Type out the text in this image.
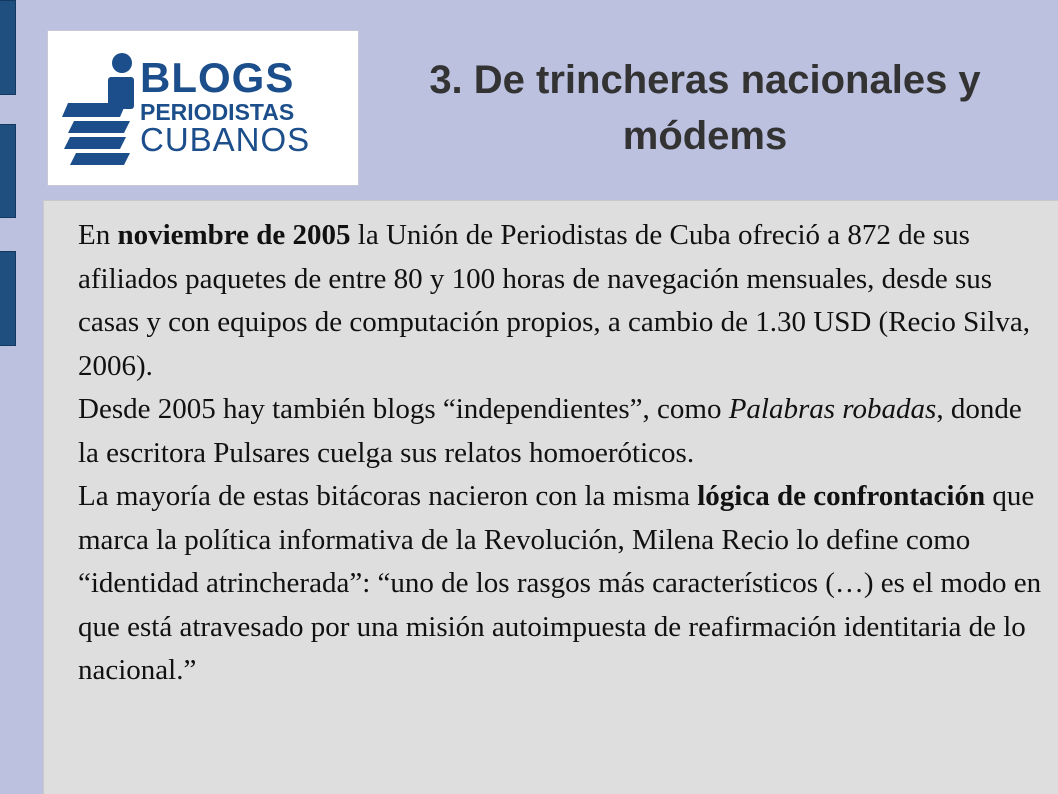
BLOGS
PERIODISTAS
CUBANOS
3. De trincheras nacionales y
módems

En noviembre de 2005 la Unión de Periodistas de Cuba ofreció a 872 de sus afiliados paquetes de entre 80 y 100 horas de navegación mensuales, desde sus casas y con equipos de computación propios, a cambio de 1.30 USD (Recio Silva, 2006).

Desde 2005 hay también blogs “independientes”, como Palabras robadas, donde la escritora Pulsares cuelga sus relatos homoeróticos.

La mayoría de estas bitácoras nacieron con la misma lógica de confrontación que marca la política informativa de la Revolución, Milena Recio lo define como “identidad atrincherada”: “uno de los rasgos más característicos (…) es el modo en que está atravesado por una misión autoimpuesta de reafirmación identitaria de lo nacional.”
